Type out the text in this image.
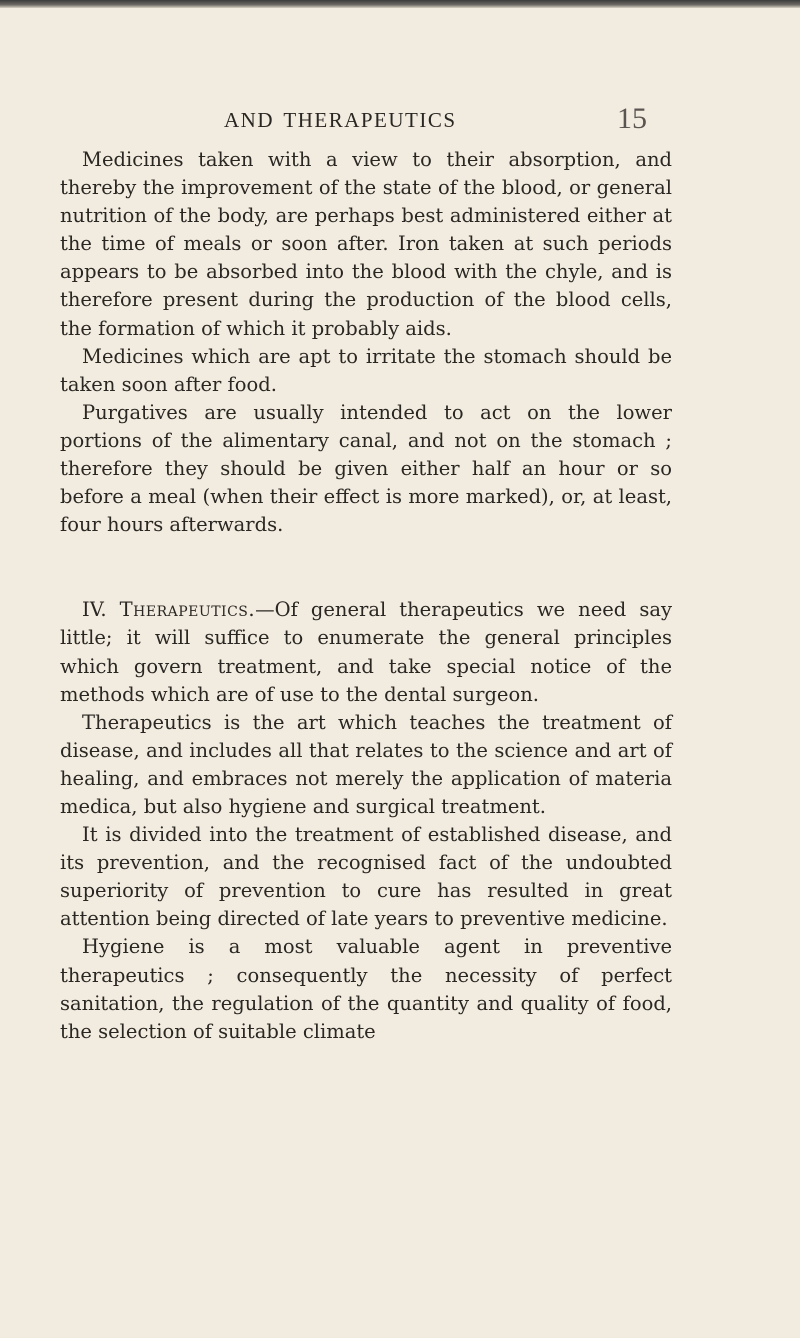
AND THERAPEUTICS	15

Medicines taken with a view to their absorption, and thereby the improvement of the state of the blood, or general nutrition of the body, are perhaps best administered either at the time of meals or soon after. Iron taken at such periods appears to be absorbed into the blood with the chyle, and is therefore present during the production of the blood cells, the formation of which it probably aids.

Medicines which are apt to irritate the stomach should be taken soon after food.

Purgatives are usually intended to act on the lower portions of the alimentary canal, and not on the stomach ; therefore they should be given either half an hour or so before a meal (when their effect is more marked), or, at least, four hours afterwards.

IV. Therapeutics.—Of general therapeutics we need say little; it will suffice to enumerate the general principles which govern treatment, and take special notice of the methods which are of use to the dental surgeon.

Therapeutics is the art which teaches the treatment of disease, and includes all that relates to the science and art of healing, and embraces not merely the application of materia medica, but also hygiene and surgical treatment.

It is divided into the treatment of established disease, and its prevention, and the recognised fact of the undoubted superiority of prevention to cure has resulted in great attention being directed of late years to preventive medicine.

Hygiene is a most valuable agent in preventive therapeutics ; consequently the necessity of perfect sanitation, the regulation of the quantity and quality of food, the selection of suitable climate
